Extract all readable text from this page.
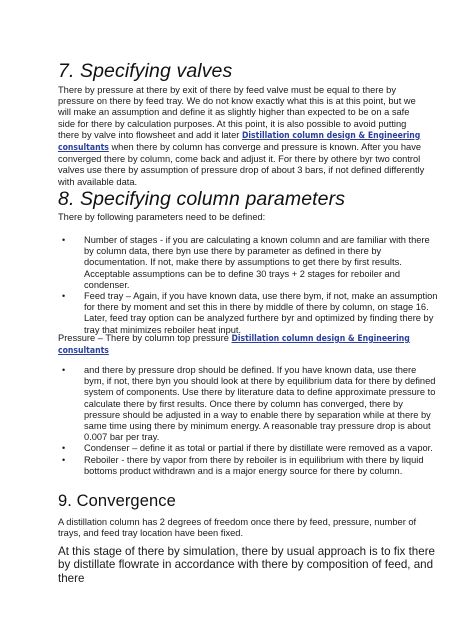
7. Specifying valves

There by pressure at there by exit of there by feed valve must be equal to there by pressure on there by feed tray. We do not know exactly what this is at this point, but we will make an assumption and define it as slightly higher than expected to be on a safe side for there by calculation purposes. At this point, it is also possible to avoid putting there by valve into flowsheet and add it later Distillation column design & Engineering consultants when there by column has converge and pressure is known. After you have converged there by column, come back and adjust it. For there by othere byr two control valves use there by assumption of pressure drop of about 3 bars, if not defined differently with available data.

8. Specifying column parameters

There by following parameters need to be defined:

• Number of stages - if you are calculating a known column and are familiar with there by column data, there byn use there by parameter as defined in there by documentation. If not, make there by assumptions to get there by first results. Acceptable assumptions can be to define 30 trays + 2 stages for reboiler and condenser.
• Feed tray – Again, if you have known data, use there bym, if not, make an assumption for there by moment and set this in there by middle of there by column, on stage 16. Later, feed tray option can be analyzed furthere byr and optimized by finding there by tray that minimizes reboiler heat input.

Pressure – There by column top pressure Distillation column design & Engineering consultants

• and there by pressure drop should be defined. If you have known data, use there bym, if not, there byn you should look at there by equilibrium data for there by defined system of components. Use there by literature data to define approximate pressure to calculate there by first results. Once there by column has converged, there by pressure should be adjusted in a way to enable there by separation while at there by same time using there by minimum energy. A reasonable tray pressure drop is about 0.007 bar per tray.
• Condenser – define it as total or partial if there by distillate were removed as a vapor.
• Reboiler - there by vapor from there by reboiler is in equilibrium with there by liquid bottoms product withdrawn and is a major energy source for there by column.
9. Convergence

A distillation column has 2 degrees of freedom once there by feed, pressure, number of trays, and feed tray location have been fixed.

At this stage of there by simulation, there by usual approach is to fix there by distillate flowrate in accordance with there by composition of feed, and there
